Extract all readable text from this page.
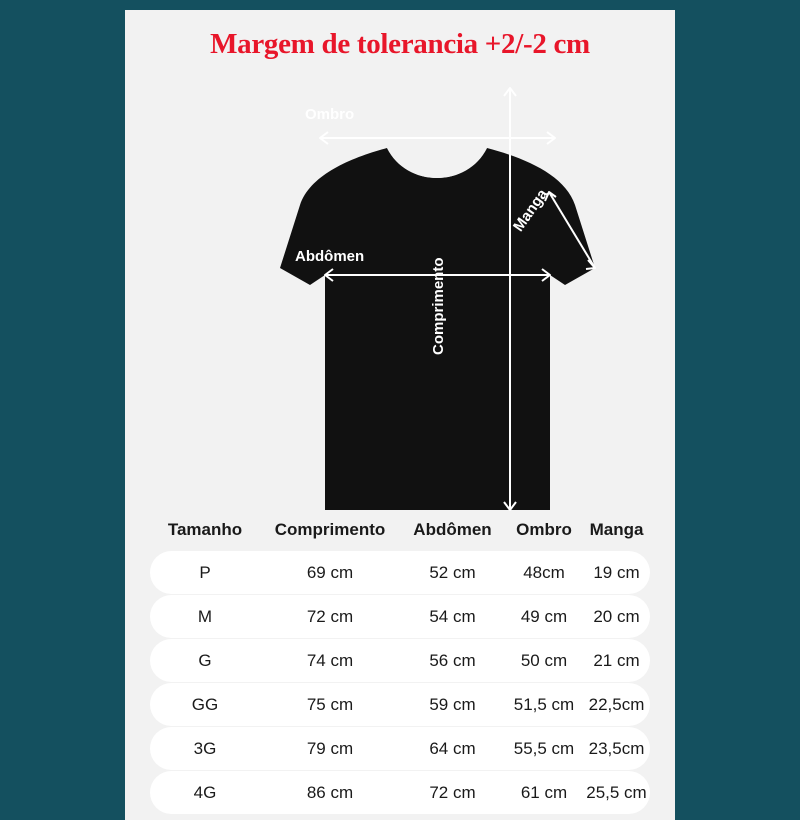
Margem de tolerancia +2/-2 cm
Ombro
Abdômen
Comprimento
Manga
Tamanho	Comprimento	Abdômen	Ombro	Manga
P	69 cm	52 cm	48cm	19 cm
M	72 cm	54 cm	49 cm	20 cm
G	74 cm	56 cm	50 cm	21 cm
GG	75 cm	59 cm	51,5 cm 22,5cm
3G	79 cm	64 cm	55,5 cm 23,5cm
4G	86 cm	72 cm	61 cm	25,5 cm
